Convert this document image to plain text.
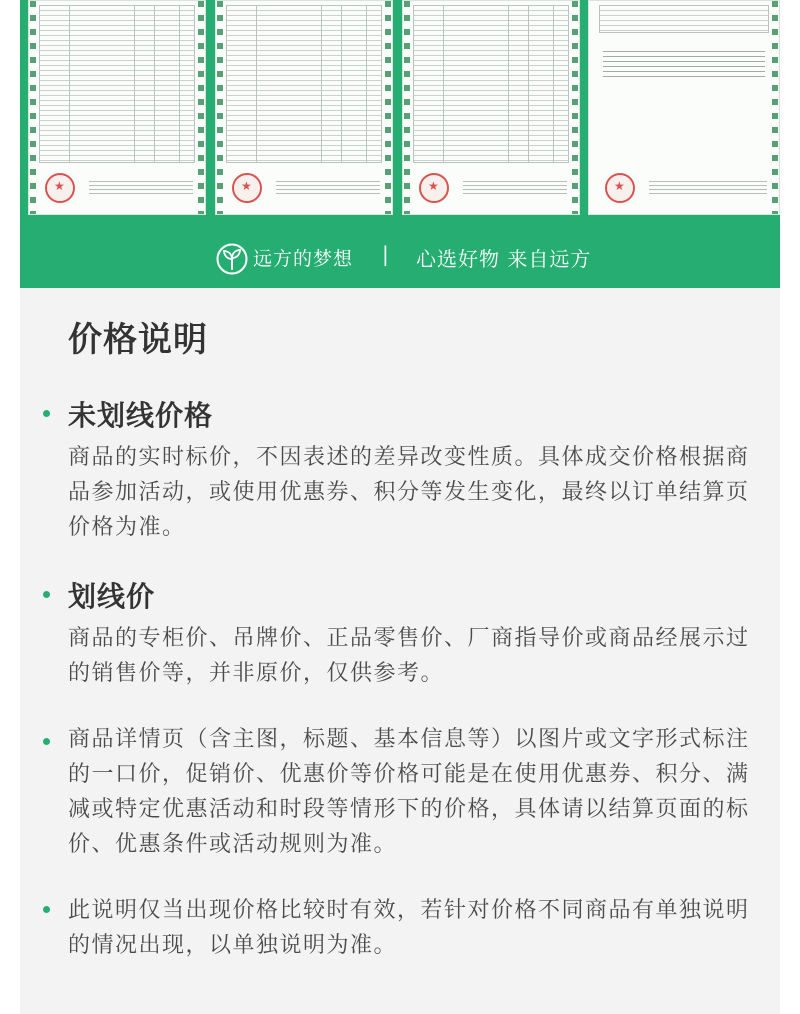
★
★
★
★
远方的梦想 | 心选好物 来自远方
价格说明
未划线价格

商品的实时标价，不因表述的差异改变性质。具体成交价格根据商品参加活动，或使用优惠券、积分等发生变化，最终以订单结算页价格为准。

划线价

商品的专柜价、吊牌价、正品零售价、厂商指导价或商品经展示过的销售价等，并非原价，仅供参考。

商品详情页（含主图，标题、基本信息等）以图片或文字形式标注的一口价，促销价、优惠价等价格可能是在使用优惠券、积分、满减或特定优惠活动和时段等情形下的价格，具体请以结算页面的标价、优惠条件或活动规则为准。

此说明仅当出现价格比较时有效，若针对价格不同商品有单独说明的情况出现，以单独说明为准。
